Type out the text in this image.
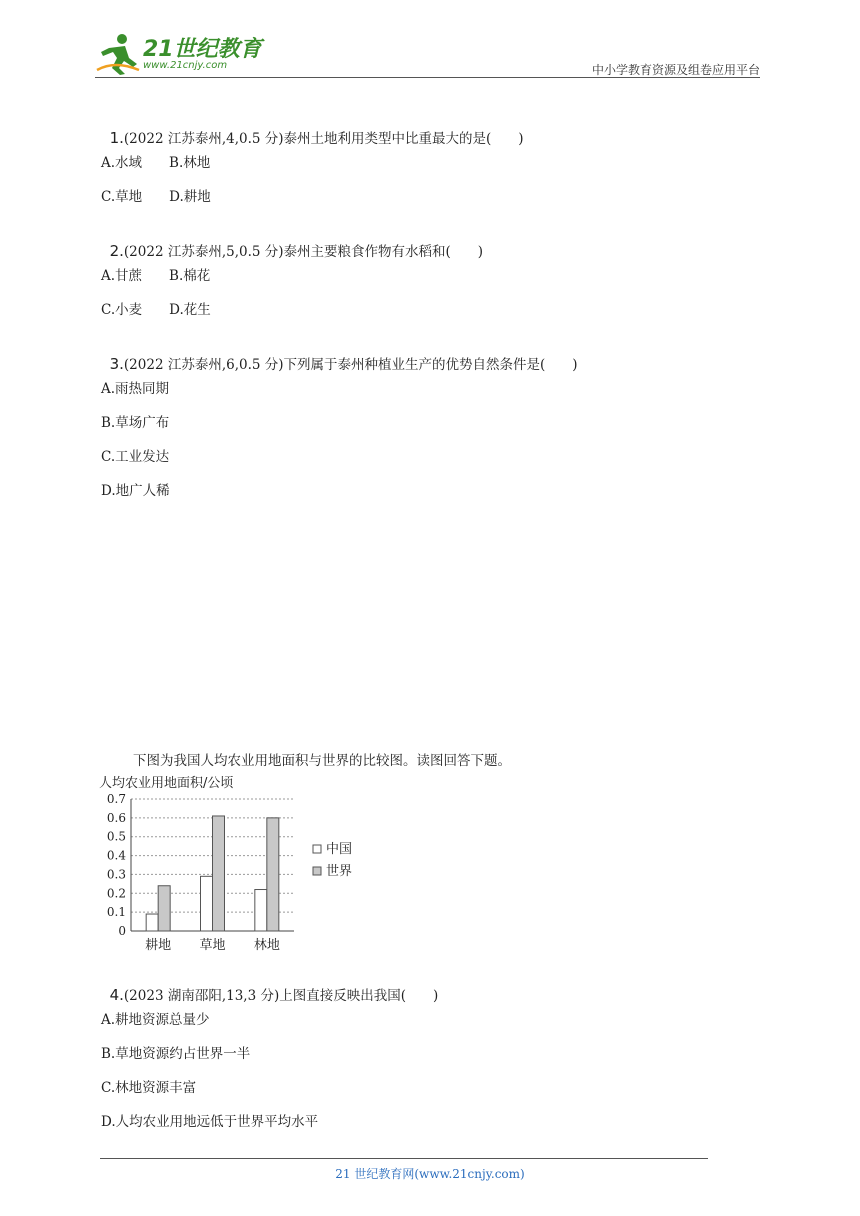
21世纪教育
www.21cnjy.com	中小学教育资源及组卷应用平台

1.(2022 江苏泰州,4,0.5 分)泰州土地利用类型中比重最大的是(　　)

A.水域　　B.林地
C.草地　　D.耕地

2.(2022 江苏泰州,5,0.5 分)泰州主要粮食作物有水稻和(　　)

A.甘蔗　　B.棉花
C.小麦　　D.花生

3.(2022 江苏泰州,6,0.5 分)下列属于泰州种植业生产的优势自然条件是(　　)

A.雨热同期
B.草场广布
C.工业发达
D.地广人稀
下图为我国人均农业用地面积与世界的比较图。读图回答下题。
人均农业用地面积/公顷
0
0.1
0.2
0.3
0.4
0.5
0.6
0.7
耕地 草地 林地
中国
世界

4.(2023 湖南邵阳,13,3 分)上图直接反映出我国(　　)

A.耕地资源总量少
B.草地资源约占世界一半
C.林地资源丰富
D.人均农业用地远低于世界平均水平
21 世纪教育网(www.21cnjy.com)
